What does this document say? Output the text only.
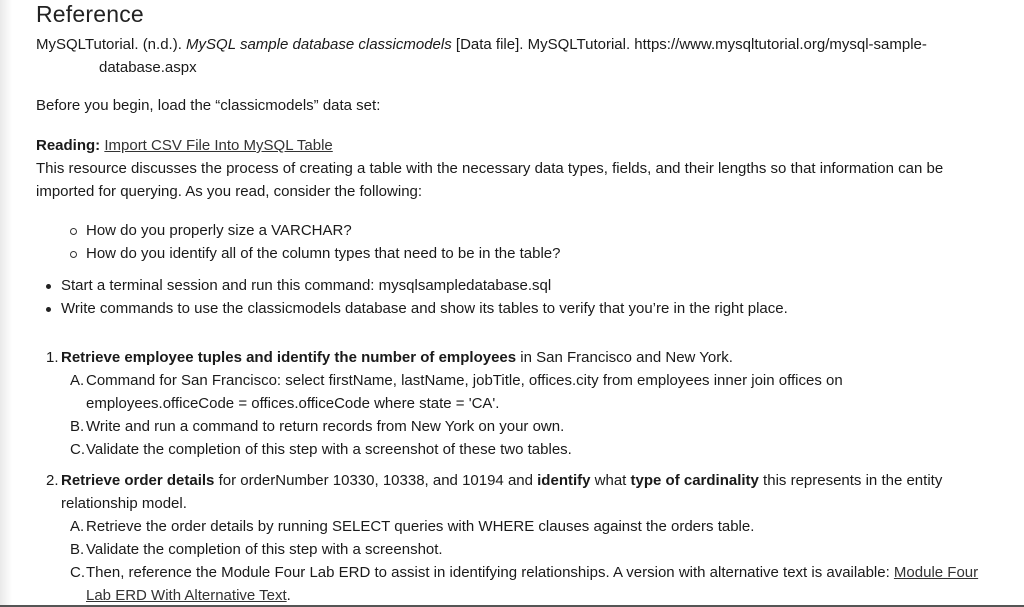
Reference
MySQLTutorial. (n.d.). MySQL sample database classicmodels [Data file]. MySQLTutorial. https://www.mysqltutorial.org/mysql-sample-
database.aspx
Before you begin, load the “classicmodels” data set:
Reading: Import CSV File Into MySQL Table
This resource discusses the process of creating a table with the necessary data types, fields, and their lengths so that information can be
imported for querying. As you read, consider the following:
How do you properly size a VARCHAR?
How do you identify all of the column types that need to be in the table?
Start a terminal session and run this command: mysqlsampledatabase.sql
Write commands to use the classicmodels database and show its tables to verify that you’re in the right place.
1. Retrieve employee tuples and identify the number of employees in San Francisco and New York.
A. Command for San Francisco: select firstName, lastName, jobTitle, offices.city from employees inner join offices on
employees.officeCode = offices.officeCode where state = 'CA'.
B. Write and run a command to return records from New York on your own.
C. Validate the completion of this step with a screenshot of these two tables.
2. Retrieve order details for orderNumber 10330, 10338, and 10194 and identify what type of cardinality this represents in the entity
relationship model.
A. Retrieve the order details by running SELECT queries with WHERE clauses against the orders table.
B. Validate the completion of this step with a screenshot.
C. Then, reference the Module Four Lab ERD to assist in identifying relationships. A version with alternative text is available: Module Four
Lab ERD With Alternative Text.
